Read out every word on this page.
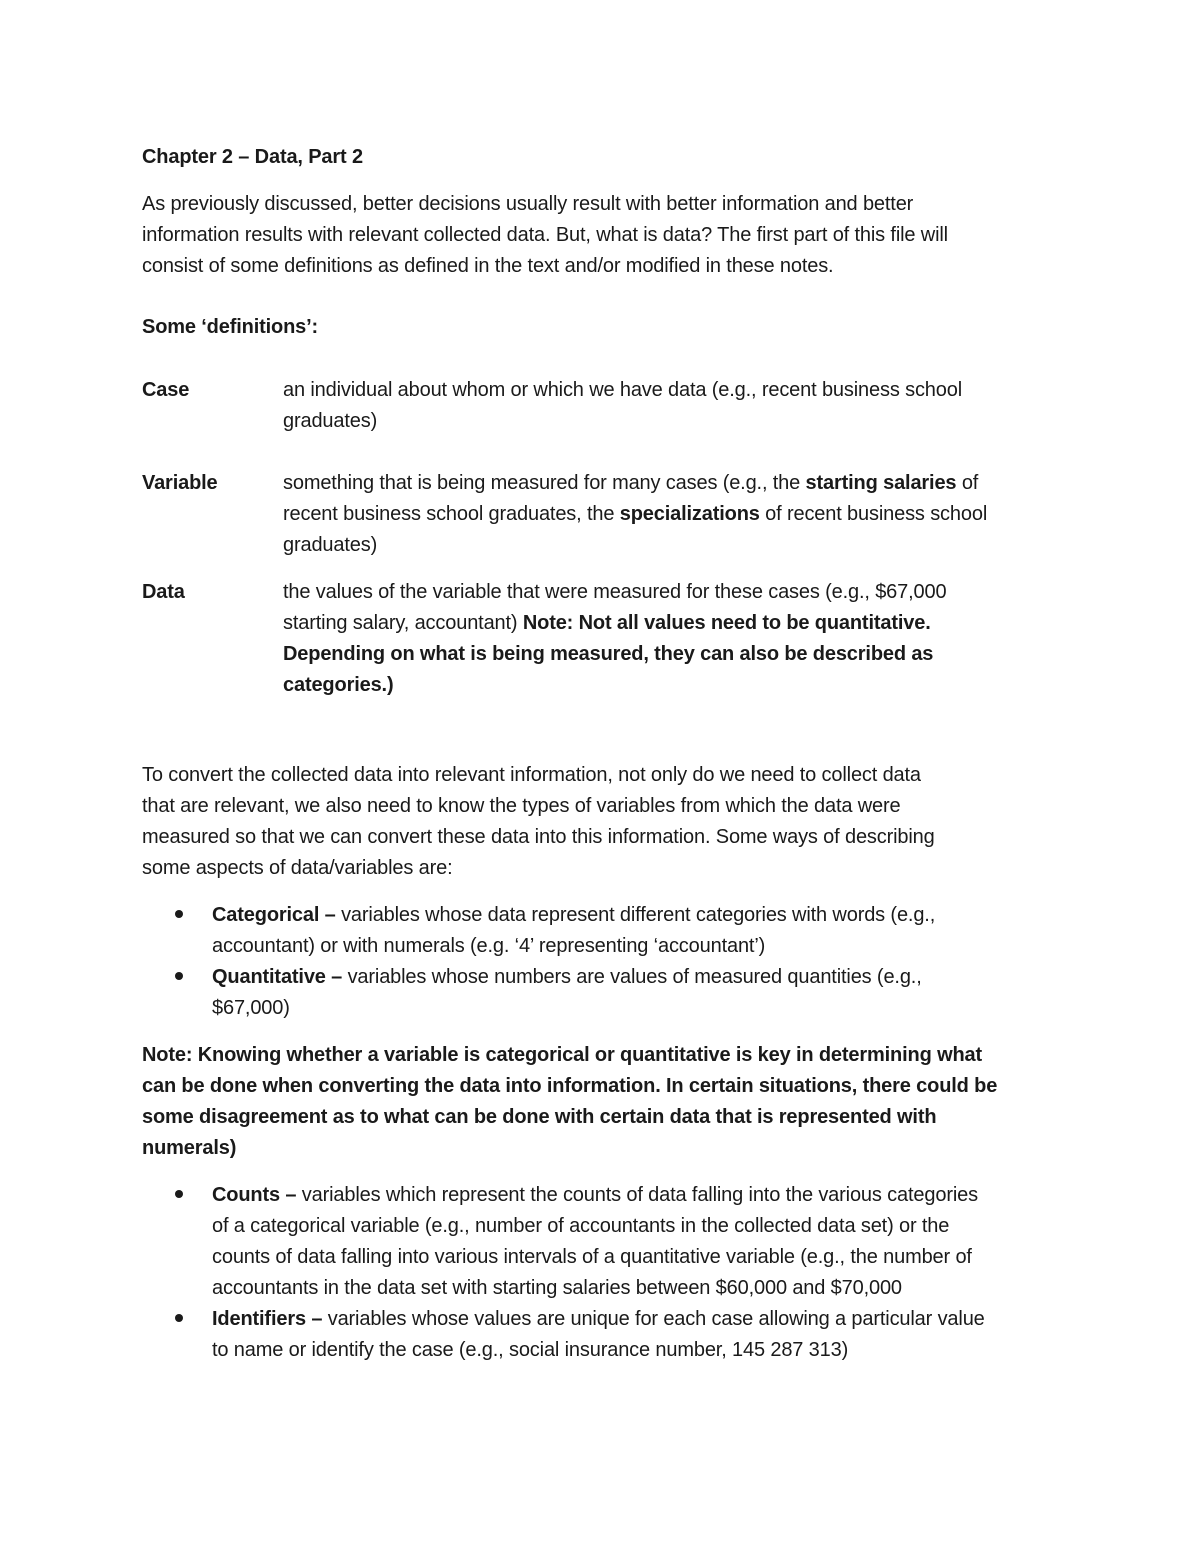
Chapter 2 – Data, Part 2
As previously discussed, better decisions usually result with better information and better
information results with relevant collected data. But, what is data? The first part of this file will
consist of some definitions as defined in the text and/or modified in these notes.
Some ‘definitions’:
Case	an individual about whom or which we have data (e.g., recent business school
graduates)
Variable	something that is being measured for many cases (e.g., the starting salaries of
recent business school graduates, the specializations of recent business school
graduates)
Data	the values of the variable that were measured for these cases (e.g., $67,000
starting salary, accountant) Note: Not all values need to be quantitative.
Depending on what is being measured, they can also be described as
categories.)
To convert the collected data into relevant information, not only do we need to collect data
that are relevant, we also need to know the types of variables from which the data were
measured so that we can convert these data into this information. Some ways of describing
some aspects of data/variables are:
Categorical – variables whose data represent different categories with words (e.g.,
accountant) or with numerals (e.g. ‘4’ representing ‘accountant’)
Quantitative – variables whose numbers are values of measured quantities (e.g.,
$67,000)
Note: Knowing whether a variable is categorical or quantitative is key in determining what
can be done when converting the data into information. In certain situations, there could be
some disagreement as to what can be done with certain data that is represented with
numerals)
Counts – variables which represent the counts of data falling into the various categories
of a categorical variable (e.g., number of accountants in the collected data set) or the
counts of data falling into various intervals of a quantitative variable (e.g., the number of
accountants in the data set with starting salaries between $60,000 and $70,000
Identifiers – variables whose values are unique for each case allowing a particular value
to name or identify the case (e.g., social insurance number, 145 287 313)
